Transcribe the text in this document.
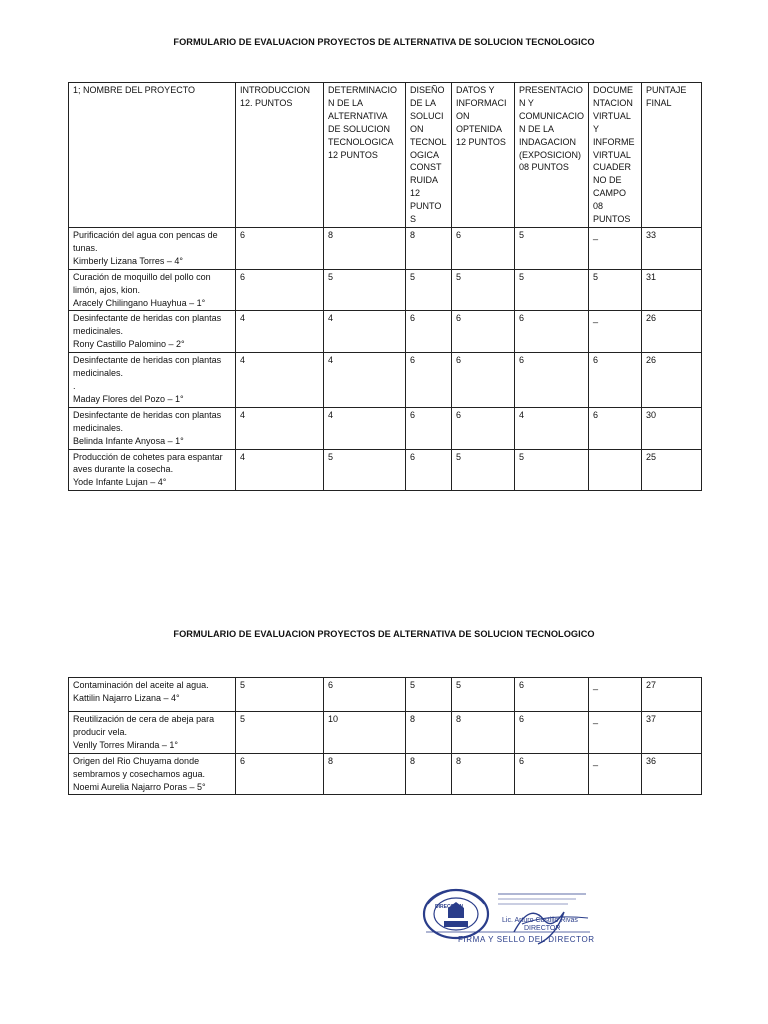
FORMULARIO DE EVALUACION PROYECTOS DE ALTERNATIVA DE SOLUCION TECNOLOGICO
1; NOMBRE DEL PROYECTO	INTRODUCCION 12. PUNTOS	DETERMINACION DE LA ALTERNATIVA DE SOLUCION TECNOLOGICA 12 PUNTOS	DISEÑO DE LA SOLUCION TECNOLOGICA CONSTRUIDA 12 PUNTOS	DATOS Y INFORMACION OPTENIDA 12 PUNTOS	PRESENTACION Y COMUNICACION DE LA INDAGACION (EXPOSICION) 08 PUNTOS	DOCUMENTACION VIRTUAL Y INFORME VIRTUAL CUADERNO DE CAMPO 08 PUNTOS	PUNTAJE FINAL

Purificación del agua con pencas de tunas.
Kimberly Lizana Torres – 4°	6	8	8	6	5	_	33

Curación de moquillo del pollo con limón, ajos, kion.
Aracely Chilingano Huayhua – 1°	6	5	5	5	5	5	31

Desinfectante de heridas con plantas medicinales.
Rony Castillo Palomino – 2°	4	4	6	6	6	_	26

Desinfectante de heridas con plantas medicinales.
.
Maday Flores del Pozo – 1°	4	4	6	6	6	6	26

Desinfectante de heridas con plantas medicinales.
Belinda Infante Anyosa – 1°	4	4	6	6	4	6	30

Producción de cohetes para espantar aves durante la cosecha.
Yode Infante Lujan – 4°	4	5	6	5	5		25
FORMULARIO DE EVALUACION PROYECTOS DE ALTERNATIVA DE SOLUCION TECNOLOGICO
Contaminación del aceite al agua.
Kattilin Najarro Lizana – 4°	5	6	5	5	6	_	27

Reutilización de cera de abeja para producir vela.
Venlly Torres Miranda – 1°	5	10	8	8	6	_	37

Origen del Rio Chuyama donde sembramos y cosechamos agua.
Noemi Aurelia Najarro Poras – 5°	6	8	8	8	6	_	36
DIRECCION
Lic. Arturo Castillo Rivas
DIRECTOR
FIRMA Y SELLO DEL DIRECTOR
